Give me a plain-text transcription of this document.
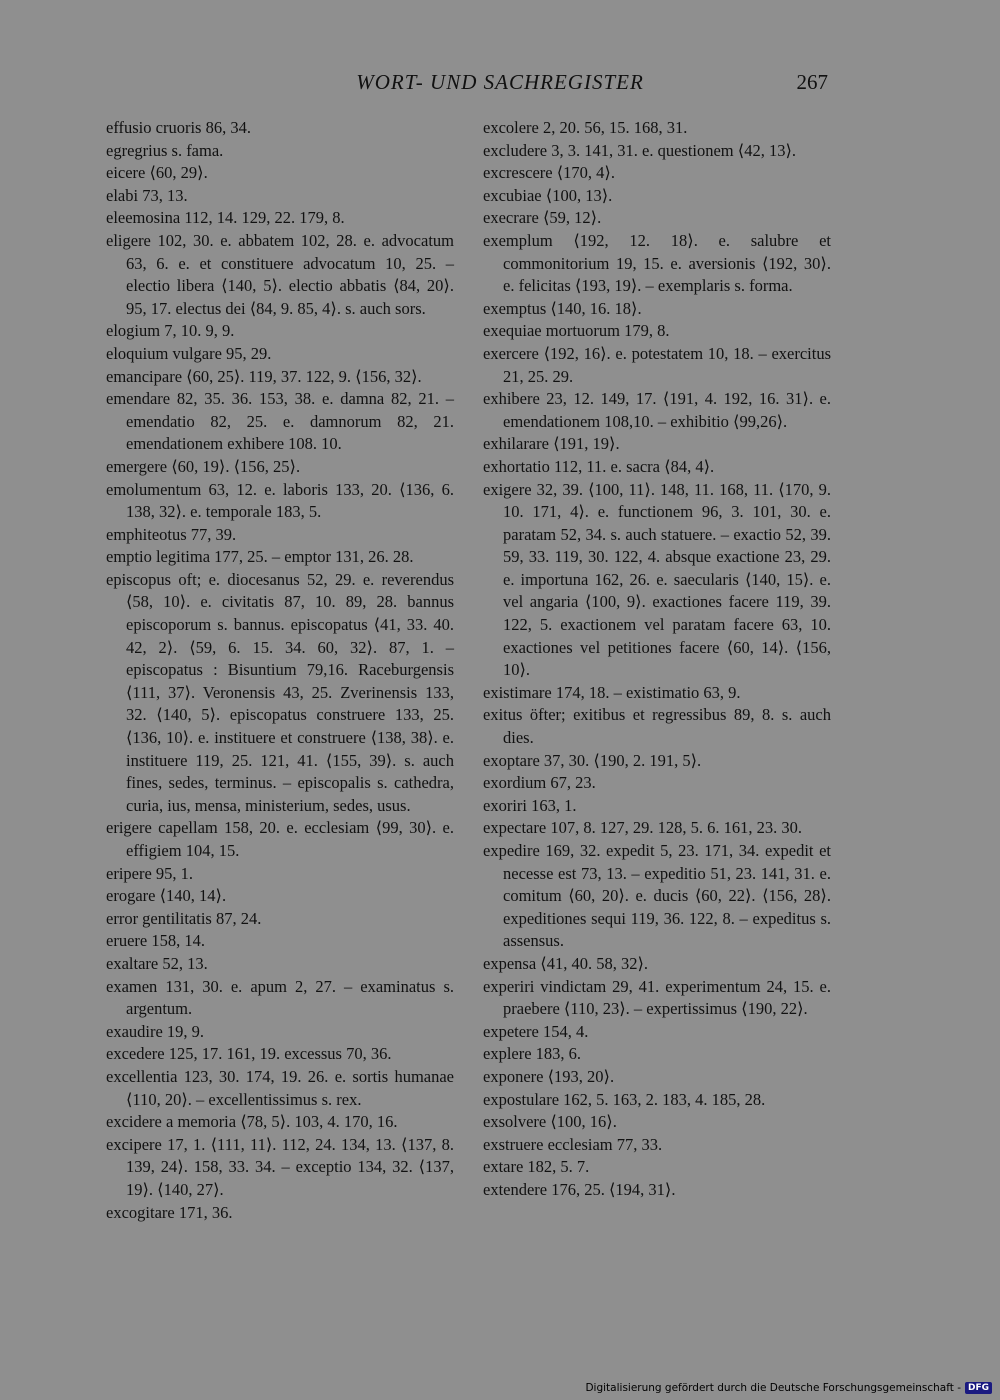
WORT- UND SACHREGISTER	267

effusio cruoris 86, 34.

egregrius s. fama.

eicere ⟨60, 29⟩.

elabi 73, 13.

eleemosina 112, 14. 129, 22. 179, 8.

eligere 102, 30. e. abbatem 102, 28. e. advocatum 63, 6. e. et constituere advocatum 10, 25. – electio libera ⟨140, 5⟩. electio abbatis ⟨84, 20⟩. 95, 17. electus dei ⟨84, 9. 85, 4⟩. s. auch sors.

elogium 7, 10. 9, 9.

eloquium vulgare 95, 29.

emancipare ⟨60, 25⟩. 119, 37. 122, 9. ⟨156, 32⟩.

emendare 82, 35. 36. 153, 38. e. damna 82, 21. – emendatio 82, 25. e. damnorum 82, 21. emendationem exhibere 108. 10.

emergere ⟨60, 19⟩. ⟨156, 25⟩.

emolumentum 63, 12. e. laboris 133, 20. ⟨136, 6. 138, 32⟩. e. temporale 183, 5.

emphiteotus 77, 39.

emptio legitima 177, 25. – emptor 131, 26. 28.

episcopus oft; e. diocesanus 52, 29. e. reverendus ⟨58, 10⟩. e. civitatis 87, 10. 89, 28. bannus episcoporum s. bannus. episcopatus ⟨41, 33. 40. 42, 2⟩. ⟨59, 6. 15. 34. 60, 32⟩. 87, 1. – episcopatus : Bisuntium 79,16. Raceburgensis ⟨111, 37⟩. Veronensis 43, 25. Zverinensis 133, 32. ⟨140, 5⟩. episcopatus construere 133, 25. ⟨136, 10⟩. e. instituere et construere ⟨138, 38⟩. e. instituere 119, 25. 121, 41. ⟨155, 39⟩. s. auch fines, sedes, terminus. – episcopalis s. cathedra, curia, ius, mensa, ministerium, sedes, usus.

erigere capellam 158, 20. e. ecclesiam ⟨99, 30⟩. e. effigiem 104, 15.

eripere 95, 1.

erogare ⟨140, 14⟩.

error gentilitatis 87, 24.

eruere 158, 14.

exaltare 52, 13.

examen 131, 30. e. apum 2, 27. – examinatus s. argentum.

exaudire 19, 9.

excedere 125, 17. 161, 19. excessus 70, 36.

excellentia 123, 30. 174, 19. 26. e. sortis humanae ⟨110, 20⟩. – excellentissimus s. rex.

excidere a memoria ⟨78, 5⟩. 103, 4. 170, 16.

excipere 17, 1. ⟨111, 11⟩. 112, 24. 134, 13. ⟨137, 8. 139, 24⟩. 158, 33. 34. – exceptio 134, 32. ⟨137, 19⟩. ⟨140, 27⟩.

excogitare 171, 36.

excolere 2, 20. 56, 15. 168, 31.

excludere 3, 3. 141, 31. e. questionem ⟨42, 13⟩.

excrescere ⟨170, 4⟩.

excubiae ⟨100, 13⟩.

execrare ⟨59, 12⟩.

exemplum ⟨192, 12. 18⟩. e. salubre et commonitorium 19, 15. e. aversionis ⟨192, 30⟩. e. felicitas ⟨193, 19⟩. – exemplaris s. forma.

exemptus ⟨140, 16. 18⟩.

exequiae mortuorum 179, 8.

exercere ⟨192, 16⟩. e. potestatem 10, 18. – exercitus 21, 25. 29.

exhibere 23, 12. 149, 17. ⟨191, 4. 192, 16. 31⟩. e. emendationem 108,10. – exhibitio ⟨99,26⟩.

exhilarare ⟨191, 19⟩.

exhortatio 112, 11. e. sacra ⟨84, 4⟩.

exigere 32, 39. ⟨100, 11⟩. 148, 11. 168, 11. ⟨170, 9. 10. 171, 4⟩. e. functionem 96, 3. 101, 30. e. paratam 52, 34. s. auch statuere. – exactio 52, 39. 59, 33. 119, 30. 122, 4. absque exactione 23, 29. e. importuna 162, 26. e. saecularis ⟨140, 15⟩. e. vel angaria ⟨100, 9⟩. exactiones facere 119, 39. 122, 5. exactionem vel paratam facere 63, 10. exactiones vel petitiones facere ⟨60, 14⟩. ⟨156, 10⟩.

existimare 174, 18. – existimatio 63, 9.

exitus öfter; exitibus et regressibus 89, 8. s. auch dies.

exoptare 37, 30. ⟨190, 2. 191, 5⟩.

exordium 67, 23.

exoriri 163, 1.

expectare 107, 8. 127, 29. 128, 5. 6. 161, 23. 30.

expedire 169, 32. expedit 5, 23. 171, 34. expedit et necesse est 73, 13. – expeditio 51, 23. 141, 31. e. comitum ⟨60, 20⟩. e. ducis ⟨60, 22⟩. ⟨156, 28⟩. expeditiones sequi 119, 36. 122, 8. – expeditus s. assensus.

expensa ⟨41, 40. 58, 32⟩.

experiri vindictam 29, 41. experimentum 24, 15. e. praebere ⟨110, 23⟩. – expertissimus ⟨190, 22⟩.

expetere 154, 4.

explere 183, 6.

exponere ⟨193, 20⟩.

expostulare 162, 5. 163, 2. 183, 4. 185, 28.

exsolvere ⟨100, 16⟩.

exstruere ecclesiam 77, 33.

extare 182, 5. 7.

extendere 176, 25. ⟨194, 31⟩.

Digitalisierung gefördert durch die Deutsche Forschungsgemeinschaft - DFG
